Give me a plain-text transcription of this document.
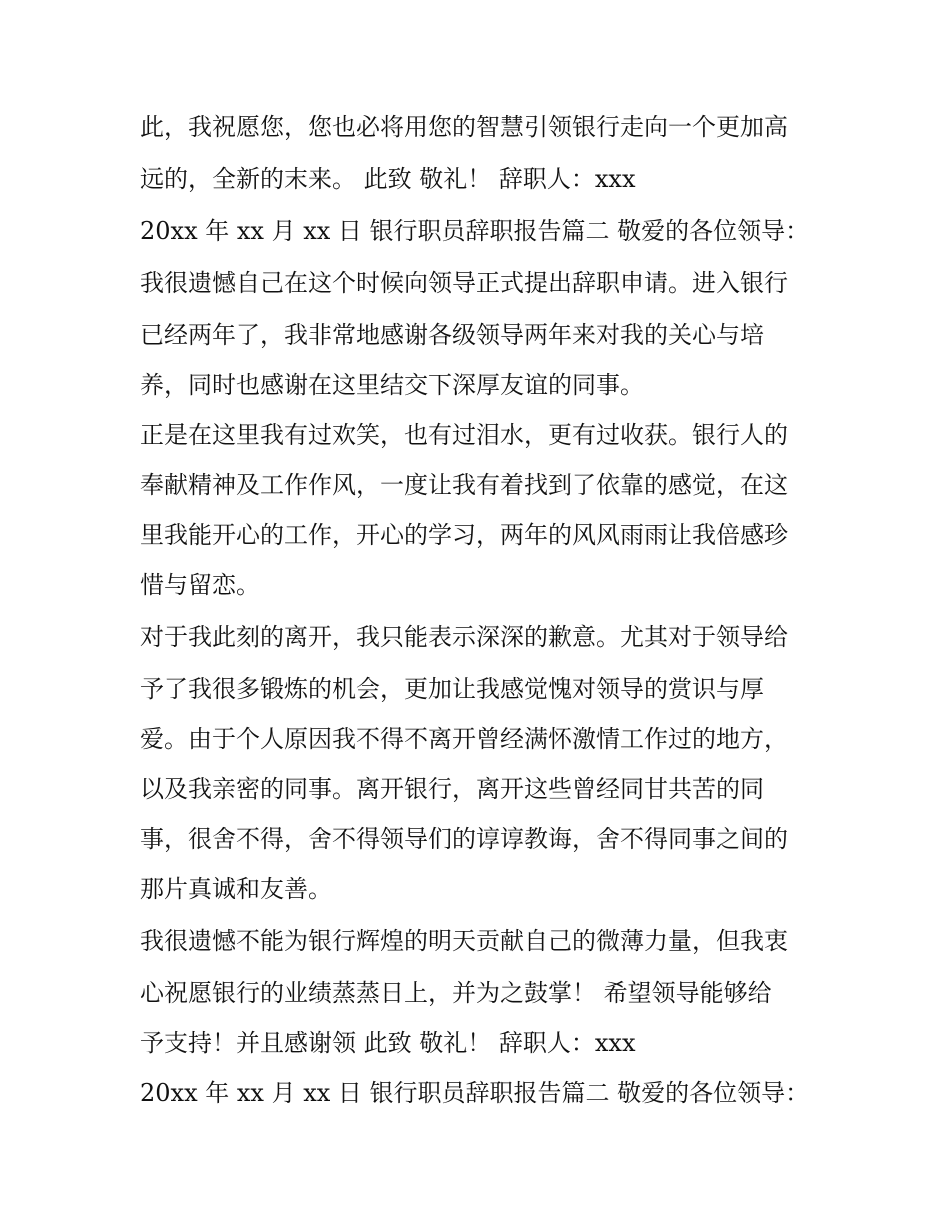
此，我祝愿您，您也必将用您的智慧引领银行走向一个更加高

远的，全新的末来。 此致 敬礼！ 辞职人：xxx

20xx 年 xx 月 xx 日 银行职员辞职报告篇二 敬爱的各位领导：

我很遗憾自己在这个时候向领导正式提出辞职申请。进入银行

已经两年了，我非常地感谢各级领导两年来对我的关心与培

养，同时也感谢在这里结交下深厚友谊的同事。

正是在这里我有过欢笑，也有过泪水，更有过收获。银行人的

奉献精神及工作作风，一度让我有着找到了依靠的感觉，在这

里我能开心的工作，开心的学习，两年的风风雨雨让我倍感珍

惜与留恋。

对于我此刻的离开，我只能表示深深的歉意。尤其对于领导给

予了我很多锻炼的机会，更加让我感觉愧对领导的赏识与厚

爱。由于个人原因我不得不离开曾经满怀激情工作过的地方，

以及我亲密的同事。离开银行，离开这些曾经同甘共苦的同

事，很舍不得，舍不得领导们的谆谆教诲，舍不得同事之间的

那片真诚和友善。

我很遗憾不能为银行辉煌的明天贡献自己的微薄力量，但我衷

心祝愿银行的业绩蒸蒸日上，并为之鼓掌！ 希望领导能够给

予支持！并且感谢领 此致 敬礼！ 辞职人：xxx

20xx 年 xx 月 xx 日 银行职员辞职报告篇二 敬爱的各位领导：
